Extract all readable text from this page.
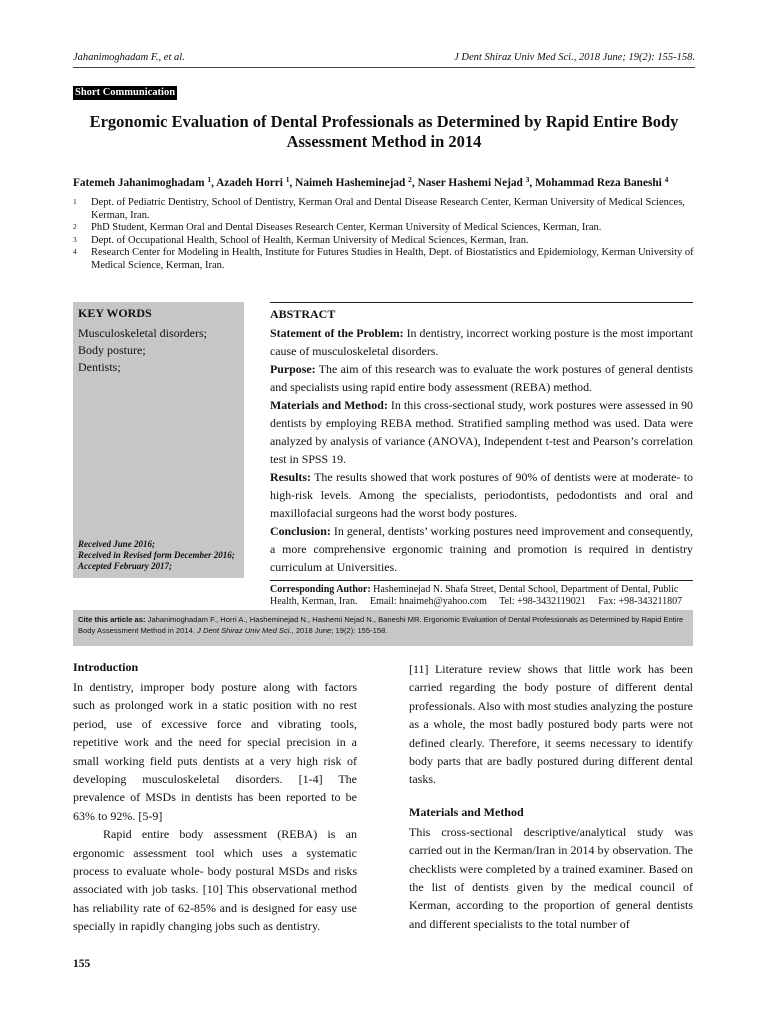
Jahanimoghadam F., et al.	J Dent Shiraz Univ Med Sci., 2018 June; 19(2): 155-158.
Short Communication
Ergonomic Evaluation of Dental Professionals as Determined by Rapid Entire Body Assessment Method in 2014
Fatemeh Jahanimoghadam $^1$, Azadeh Horri $^1$, Naimeh Hasheminejad $^2$, Naser Hashemi Nejad $^3$, Mohammad Reza Baneshi $^4$
1 Dept. of Pediatric Dentistry, School of Dentistry, Kerman Oral and Dental Disease Research Center, Kerman University of Medical Sciences, Kerman, Iran.
2 PhD Student, Kerman Oral and Dental Diseases Research Center, Kerman University of Medical Sciences, Kerman, Iran.
3 Dept. of Occupational Health, School of Health, Kerman University of Medical Sciences, Kerman, Iran.
4 Research Center for Modeling in Health, Institute for Futures Studies in Health, Dept. of Biostatistics and Epidemiology, Kerman University of Medical Science, Kerman, Iran.
KEY WORDS
Musculoskeletal disorders;
Body posture;
Dentists;
Received June 2016;
Received in Revised form December 2016;
Accepted February 2017;
ABSTRACT

Statement of the Problem: In dentistry, incorrect working posture is the most important cause of musculoskeletal disorders.

Purpose: The aim of this research was to evaluate the work postures of general dentists and specialists using rapid entire body assessment (REBA) method.

Materials and Method: In this cross-sectional study, work postures were assessed in 90 dentists by employing REBA method. Stratified sampling method was used. Data were analyzed by analysis of variance (ANOVA), Independent t-test and Pearson’s correlation test in SPSS 19.

Results: The results showed that work postures of 90% of dentists were at moderate- to high-risk levels. Among the specialists, periodontists, pedodontists and oral and maxillofacial surgeons had the worst body postures.

Conclusion: In general, dentists’ working postures need improvement and consequently, a more comprehensive ergonomic training and promotion is required in dentistry curriculum at Universities.

Corresponding Author: Hasheminejad N. Shafa Street, Dental School, Department of Dental, Public Health, Kerman, Iran.     Email: hnaimeh@yahoo.com     Tel: +98-3432119021     Fax: +98-343211807
Cite this article as: Jahanimoghadam F., Horri A., Hasheminejad N., Hashemi Nejad N., Baneshi MR. Ergonomic Evaluation of Dental Professionals as Determined by Rapid Entire Body Assessment Method in 2014. J Dent Shiraz Univ Med Sci., 2018 June; 19(2): 155-158.
Introduction

In dentistry, improper body posture along with factors such as prolonged work in a static position with no rest period, use of excessive force and vibrating tools, repetitive work and the need for special precision in a small working field puts dentists at a very high risk of developing musculoskeletal disorders. [1-4] The prevalence of MSDs in dentists has been reported to be 63% to 92%. [5-9]

Rapid entire body assessment (REBA) is an ergonomic assessment tool which uses a systematic process to evaluate whole- body postural MSDs and risks associated with job tasks. [10] This observational method has reliability rate of 62-85% and is designed for easy use specially in rapidly changing jobs such as dentistry.

[11] Literature review shows that little work has been carried regarding the body posture of different dental professionals. Also with most studies analyzing the posture as a whole, the most badly postured body parts were not defined clearly. Therefore, it seems necessary to identify body parts that are badly postured during different dental tasks.

Materials and Method

This cross-sectional descriptive/analytical study was carried out in the Kerman/Iran in 2014 by observation. The checklists were completed by a trained examiner. Based on the list of dentists given by the medical council of Kerman, according to the proportion of general dentists and different specialists to the total number of

155
